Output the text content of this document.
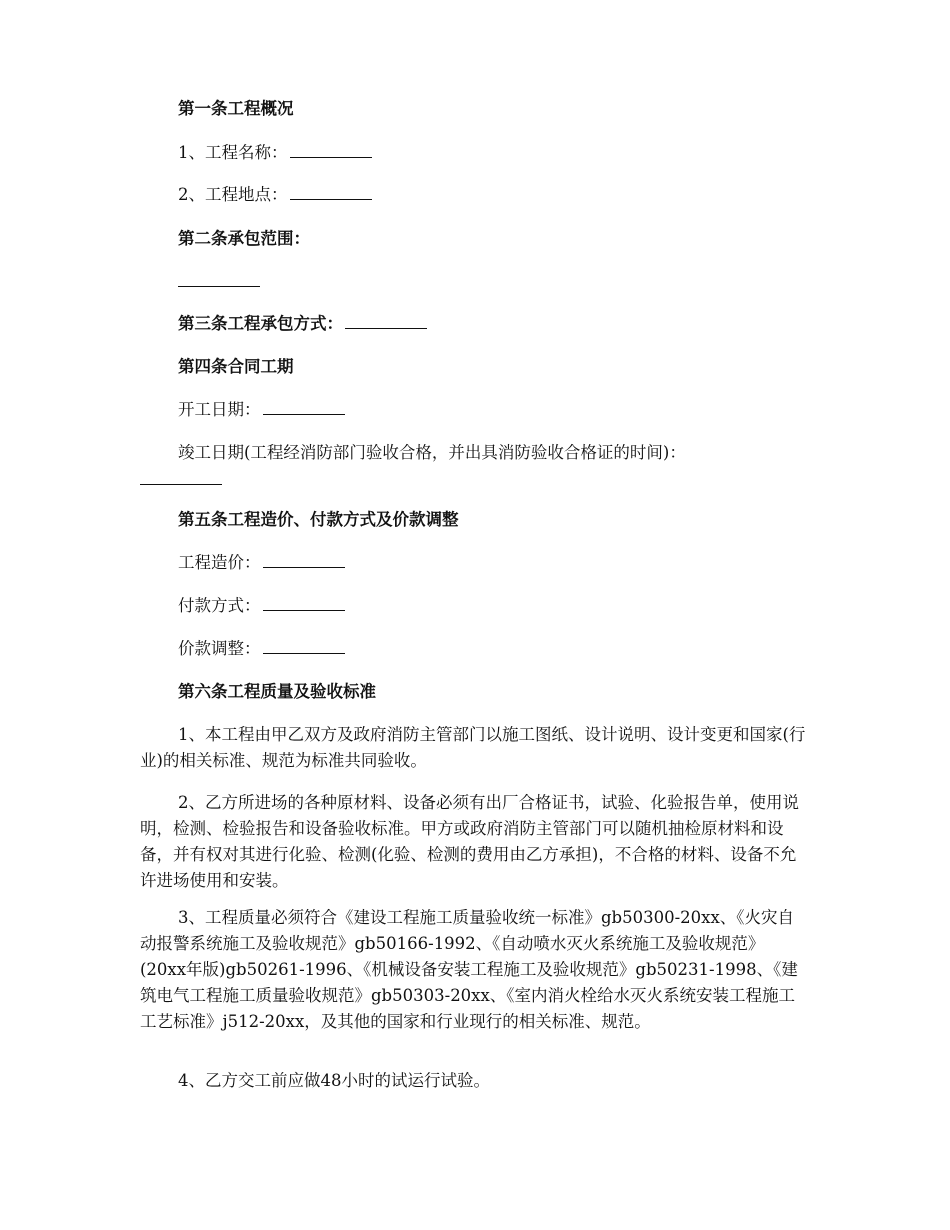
第一条工程概况

1、工程名称：

2、工程地点：

第二条承包范围：

第三条工程承包方式：

第四条合同工期

开工日期：

竣工日期(工程经消防部门验收合格，并出具消防验收合格证的时间)：

第五条工程造价、付款方式及价款调整

工程造价：

付款方式：

价款调整：

第六条工程质量及验收标准

1、本工程由甲乙双方及政府消防主管部门以施工图纸、设计说明、设计变更和国家(行业)的相关标准、规范为标准共同验收。

2、乙方所进场的各种原材料、设备必须有出厂合格证书，试验、化验报告单，使用说明，检测、检验报告和设备验收标准。甲方或政府消防主管部门可以随机抽检原材料和设备，并有权对其进行化验、检测(化验、检测的费用由乙方承担)，不合格的材料、设备不允许进场使用和安装。

3、工程质量必须符合《建设工程施工质量验收统一标准》gb50300-20xx、《火灾自动报警系统施工及验收规范》gb50166-1992、《自动喷水灭火系统施工及验收规范》(20xx年版)gb50261-1996、《机械设备安装工程施工及验收规范》gb50231-1998、《建筑电气工程施工质量验收规范》gb50303-20xx、《室内消火栓给水灭火系统安装工程施工工艺标准》j512-20xx，及其他的国家和行业现行的相关标准、规范。

4、乙方交工前应做48小时的试运行试验。
